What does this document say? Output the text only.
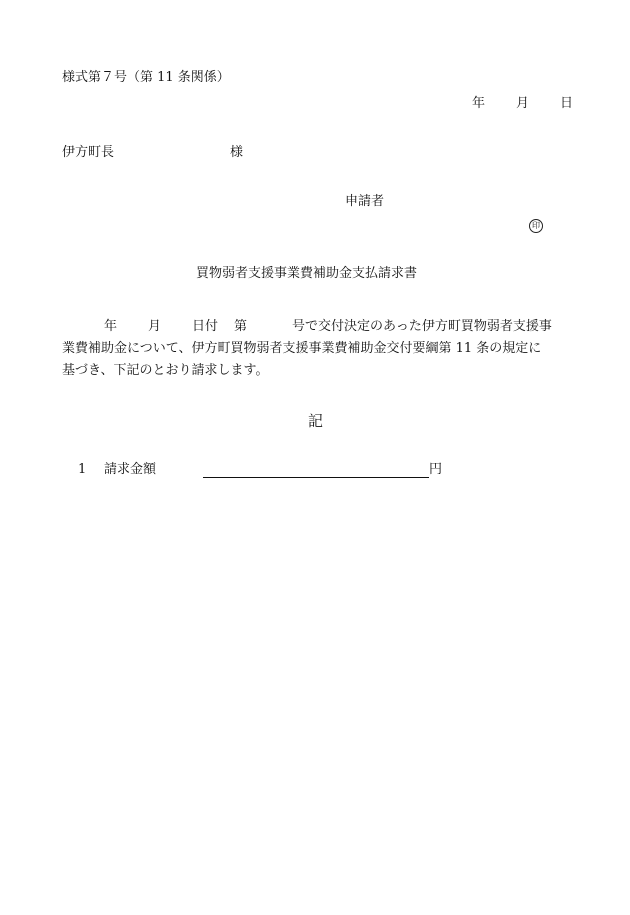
様式第７号（第 11 条関係）
年 月 日
伊方町長	様
申請者
印
買物弱者支援事業費補助金支払請求書
年 月 日付 第	号で交付決定のあった伊方町買物弱者支援事
業費補助金について、伊方町買物弱者支援事業費補助金交付要綱第 11 条の規定に
基づき、下記のとおり請求します。
記
1 請求金額	円
